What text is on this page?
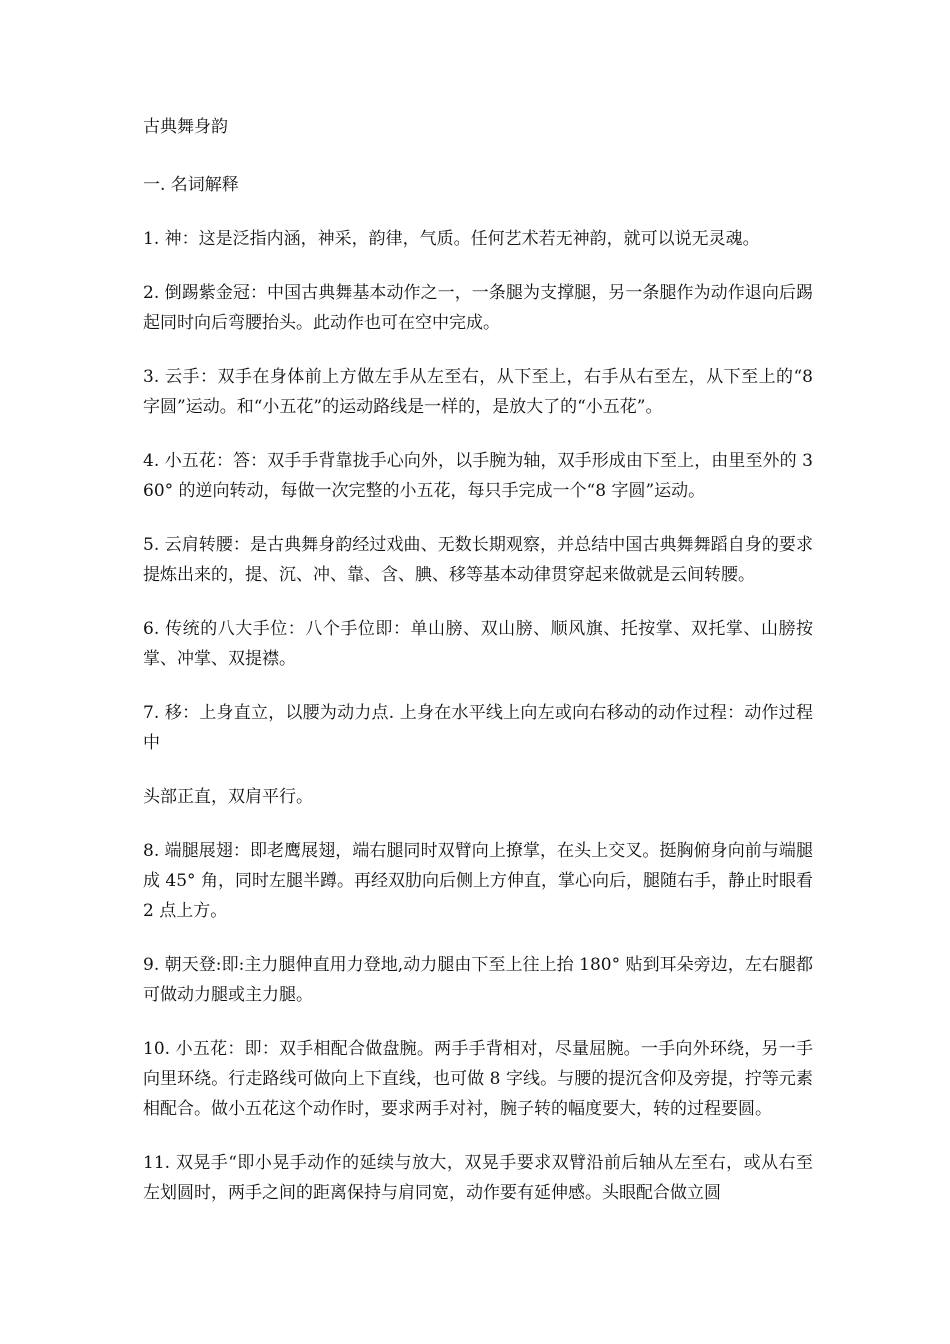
古典舞身韵

一. 名词解释

1. 神：这是泛指内涵，神采，韵律，气质。任何艺术若无神韵，就可以说无灵魂。

2. 倒踢紫金冠：中国古典舞基本动作之一，一条腿为支撑腿，另一条腿作为动作退向后踢起同时向后弯腰抬头。此动作也可在空中完成。

3. 云手：双手在身体前上方做左手从左至右，从下至上，右手从右至左，从下至上的“8 字圆”运动。和“小五花”的运动路线是一样的，是放大了的“小五花”。

4. 小五花：答：双手手背靠拢手心向外，以手腕为轴，双手形成由下至上，由里至外的 360° 的逆向转动，每做一次完整的小五花，每只手完成一个“8 字圆”运动。

5. 云肩转腰：是古典舞身韵经过戏曲、无数长期观察，并总结中国古典舞舞蹈自身的要求提炼出来的，提、沉、冲、靠、含、腆、移等基本动律贯穿起来做就是云间转腰。

6. 传统的八大手位：八个手位即：单山膀、双山膀、顺风旗、托按掌、双托掌、山膀按掌、冲掌、双提襟。

7. 移：上身直立，以腰为动力点. 上身在水平线上向左或向右移动的动作过程：动作过程中

头部正直，双肩平行。

8. 端腿展翅：即老鹰展翅，端右腿同时双臂向上撩掌，在头上交叉。挺胸俯身向前与端腿成 45° 角，同时左腿半蹲。再经双肋向后侧上方伸直，掌心向后，腿随右手，静止时眼看 2 点上方。

9. 朝天登:即:主力腿伸直用力登地,动力腿由下至上往上抬 180° 贴到耳朵旁边，左右腿都可做动力腿或主力腿。

10. 小五花：即：双手相配合做盘腕。两手手背相对，尽量屈腕。一手向外环绕，另一手向里环绕。行走路线可做向上下直线，也可做 8 字线。与腰的提沉含仰及旁提，拧等元素相配合。做小五花这个动作时，要求两手对衬，腕子转的幅度要大，转的过程要圆。

11. 双晃手“即小晃手动作的延续与放大，双晃手要求双臂沿前后轴从左至右，或从右至左划圆时，两手之间的距离保持与肩同宽，动作要有延伸感。头眼配合做立圆
